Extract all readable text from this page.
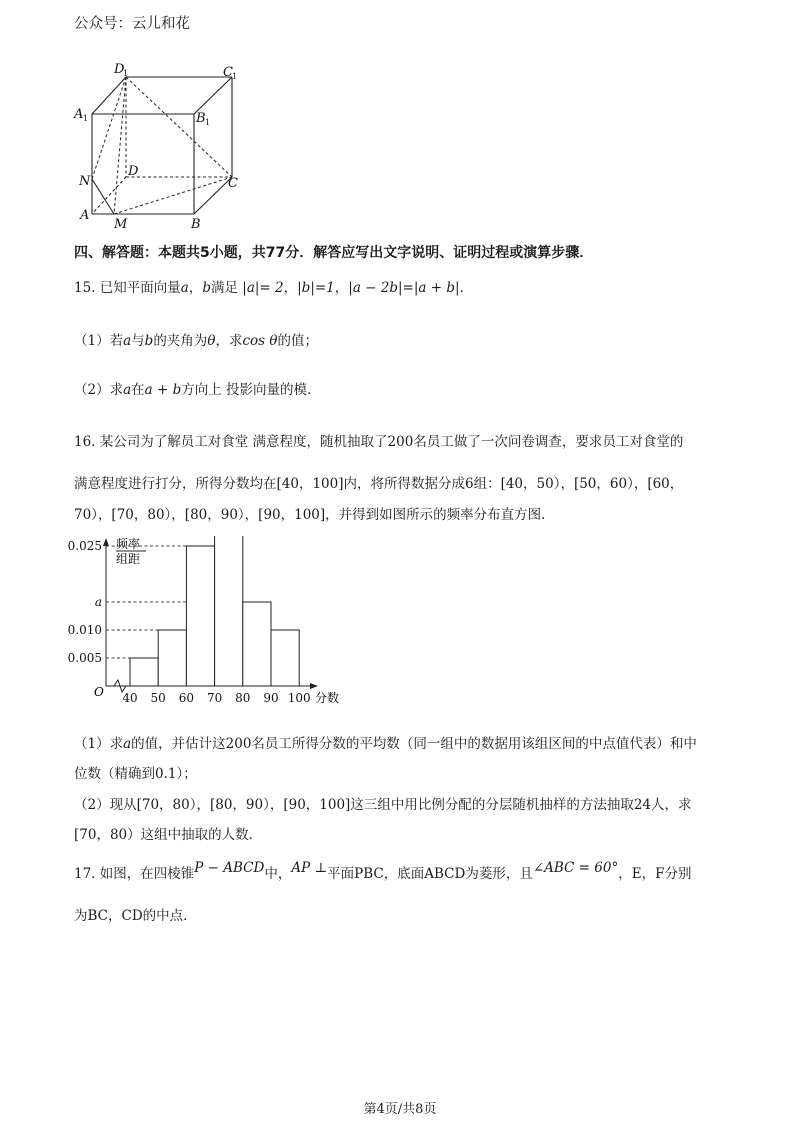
公众号：云儿和花
D
1	C 1
A 1	B 1
N
D
C
A
M	B
四、解答题：本题共5小题，共77分．解答应写出文字说明、证明过程或演算步骤．
15. 已知平面向量a，b满足 |a|= 2，|b|=1，|a − 2b|=|a + b|．
（1）若a与b的夹角为θ，求cos θ的值；
（2）求a在a + b方向上 投影向量的模．
16. 某公司为了解员工对食堂 满意程度，随机抽取了200名员工做了一次问卷调查，要求员工对食堂的
满意程度进行打分，所得分数均在[40，100]内，将所得数据分成6组：[40，50），[50，60），[60，
70），[70，80），[80，90），[90，100]，并得到如图所示的频率分布直方图．
0.025
a
0.010
0.005
40 50 60 70 80 90 100
频率
组距
O	分数
（1）求a的值，并估计这200名员工所得分数的平均数（同一组中的数据用该组区间的中点值代表）和中
位数（精确到0.1）；
（2）现从[70，80），[80，90），[90，100]这三组中用比例分配的分层随机抽样的方法抽取24人，求
[70，80）这组中抽取的人数．
17. 如图，在四棱锥P − ABCD中，AP ⊥平面PBC，底面ABCD为菱形，且∠ABC = 60°，E，F分别
为BC，CD的中点．
第4页/共8页
